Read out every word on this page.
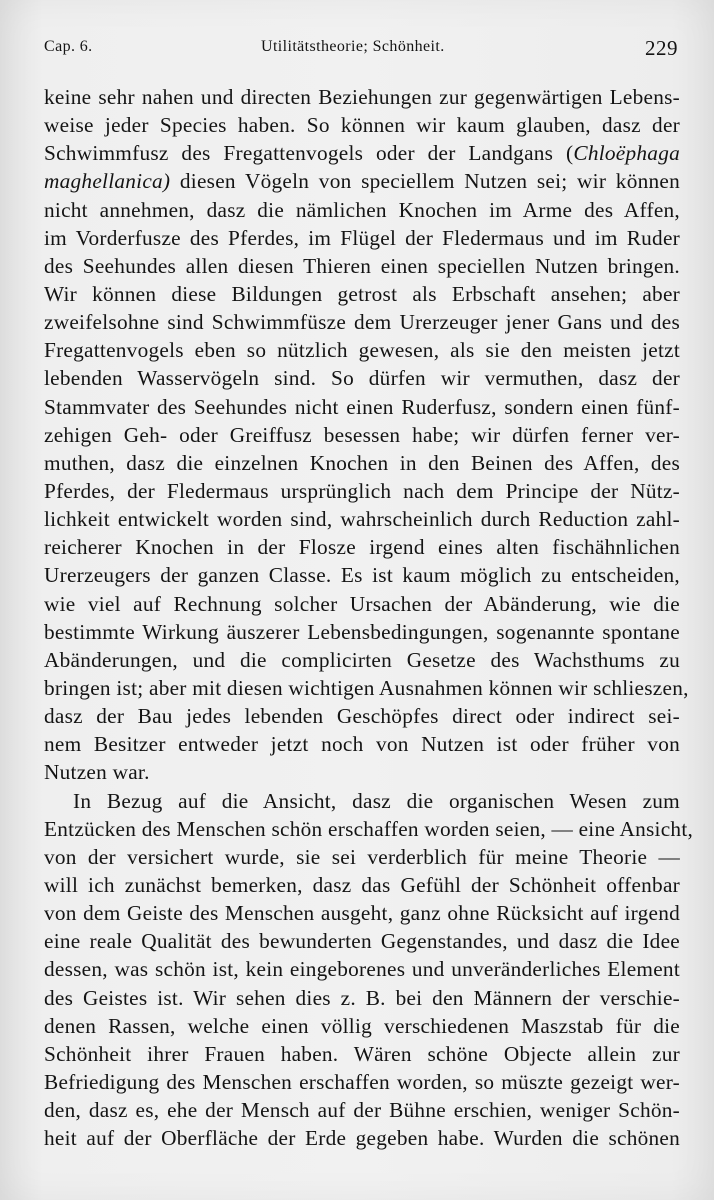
Cap. 6.	Utilitätstheorie; Schönheit.	229
keine sehr nahen und directen Beziehungen zur gegenwärtigen Lebens-
weise jeder Species haben. So können wir kaum glauben, dasz der
Schwimmfusz des Fregattenvogels oder der Landgans (Chloëphaga
maghellanica) diesen Vögeln von speciellem Nutzen sei; wir können
nicht annehmen, dasz die nämlichen Knochen im Arme des Affen,
im Vorderfusze des Pferdes, im Flügel der Fledermaus und im Ruder
des Seehundes allen diesen Thieren einen speciellen Nutzen bringen.
Wir können diese Bildungen getrost als Erbschaft ansehen; aber
zweifelsohne sind Schwimmfüsze dem Urerzeuger jener Gans und des
Fregattenvogels eben so nützlich gewesen, als sie den meisten jetzt
lebenden Wasservögeln sind. So dürfen wir vermuthen, dasz der
Stammvater des Seehundes nicht einen Ruderfusz, sondern einen fünf-
zehigen Geh- oder Greiffusz besessen habe; wir dürfen ferner ver-
muthen, dasz die einzelnen Knochen in den Beinen des Affen, des
Pferdes, der Fledermaus ursprünglich nach dem Principe der Nütz-
lichkeit entwickelt worden sind, wahrscheinlich durch Reduction zahl-
reicherer Knochen in der Flosze irgend eines alten fischähnlichen
Urerzeugers der ganzen Classe. Es ist kaum möglich zu entscheiden,
wie viel auf Rechnung solcher Ursachen der Abänderung, wie die
bestimmte Wirkung äuszerer Lebensbedingungen, sogenannte spontane
Abänderungen, und die complicirten Gesetze des Wachsthums zu
bringen ist; aber mit diesen wichtigen Ausnahmen können wir schlieszen,
dasz der Bau jedes lebenden Geschöpfes direct oder indirect sei-
nem Besitzer entweder jetzt noch von Nutzen ist oder früher von
Nutzen war.
In Bezug auf die Ansicht, dasz die organischen Wesen zum
Entzücken des Menschen schön erschaffen worden seien, — eine Ansicht,
von der versichert wurde, sie sei verderblich für meine Theorie —
will ich zunächst bemerken, dasz das Gefühl der Schönheit offenbar
von dem Geiste des Menschen ausgeht, ganz ohne Rücksicht auf irgend
eine reale Qualität des bewunderten Gegenstandes, und dasz die Idee
dessen, was schön ist, kein eingeborenes und unveränderliches Element
des Geistes ist. Wir sehen dies z. B. bei den Männern der verschie-
denen Rassen, welche einen völlig verschiedenen Maszstab für die
Schönheit ihrer Frauen haben. Wären schöne Objecte allein zur
Befriedigung des Menschen erschaffen worden, so müszte gezeigt wer-
den, dasz es, ehe der Mensch auf der Bühne erschien, weniger Schön-
heit auf der Oberfläche der Erde gegeben habe. Wurden die schönen
